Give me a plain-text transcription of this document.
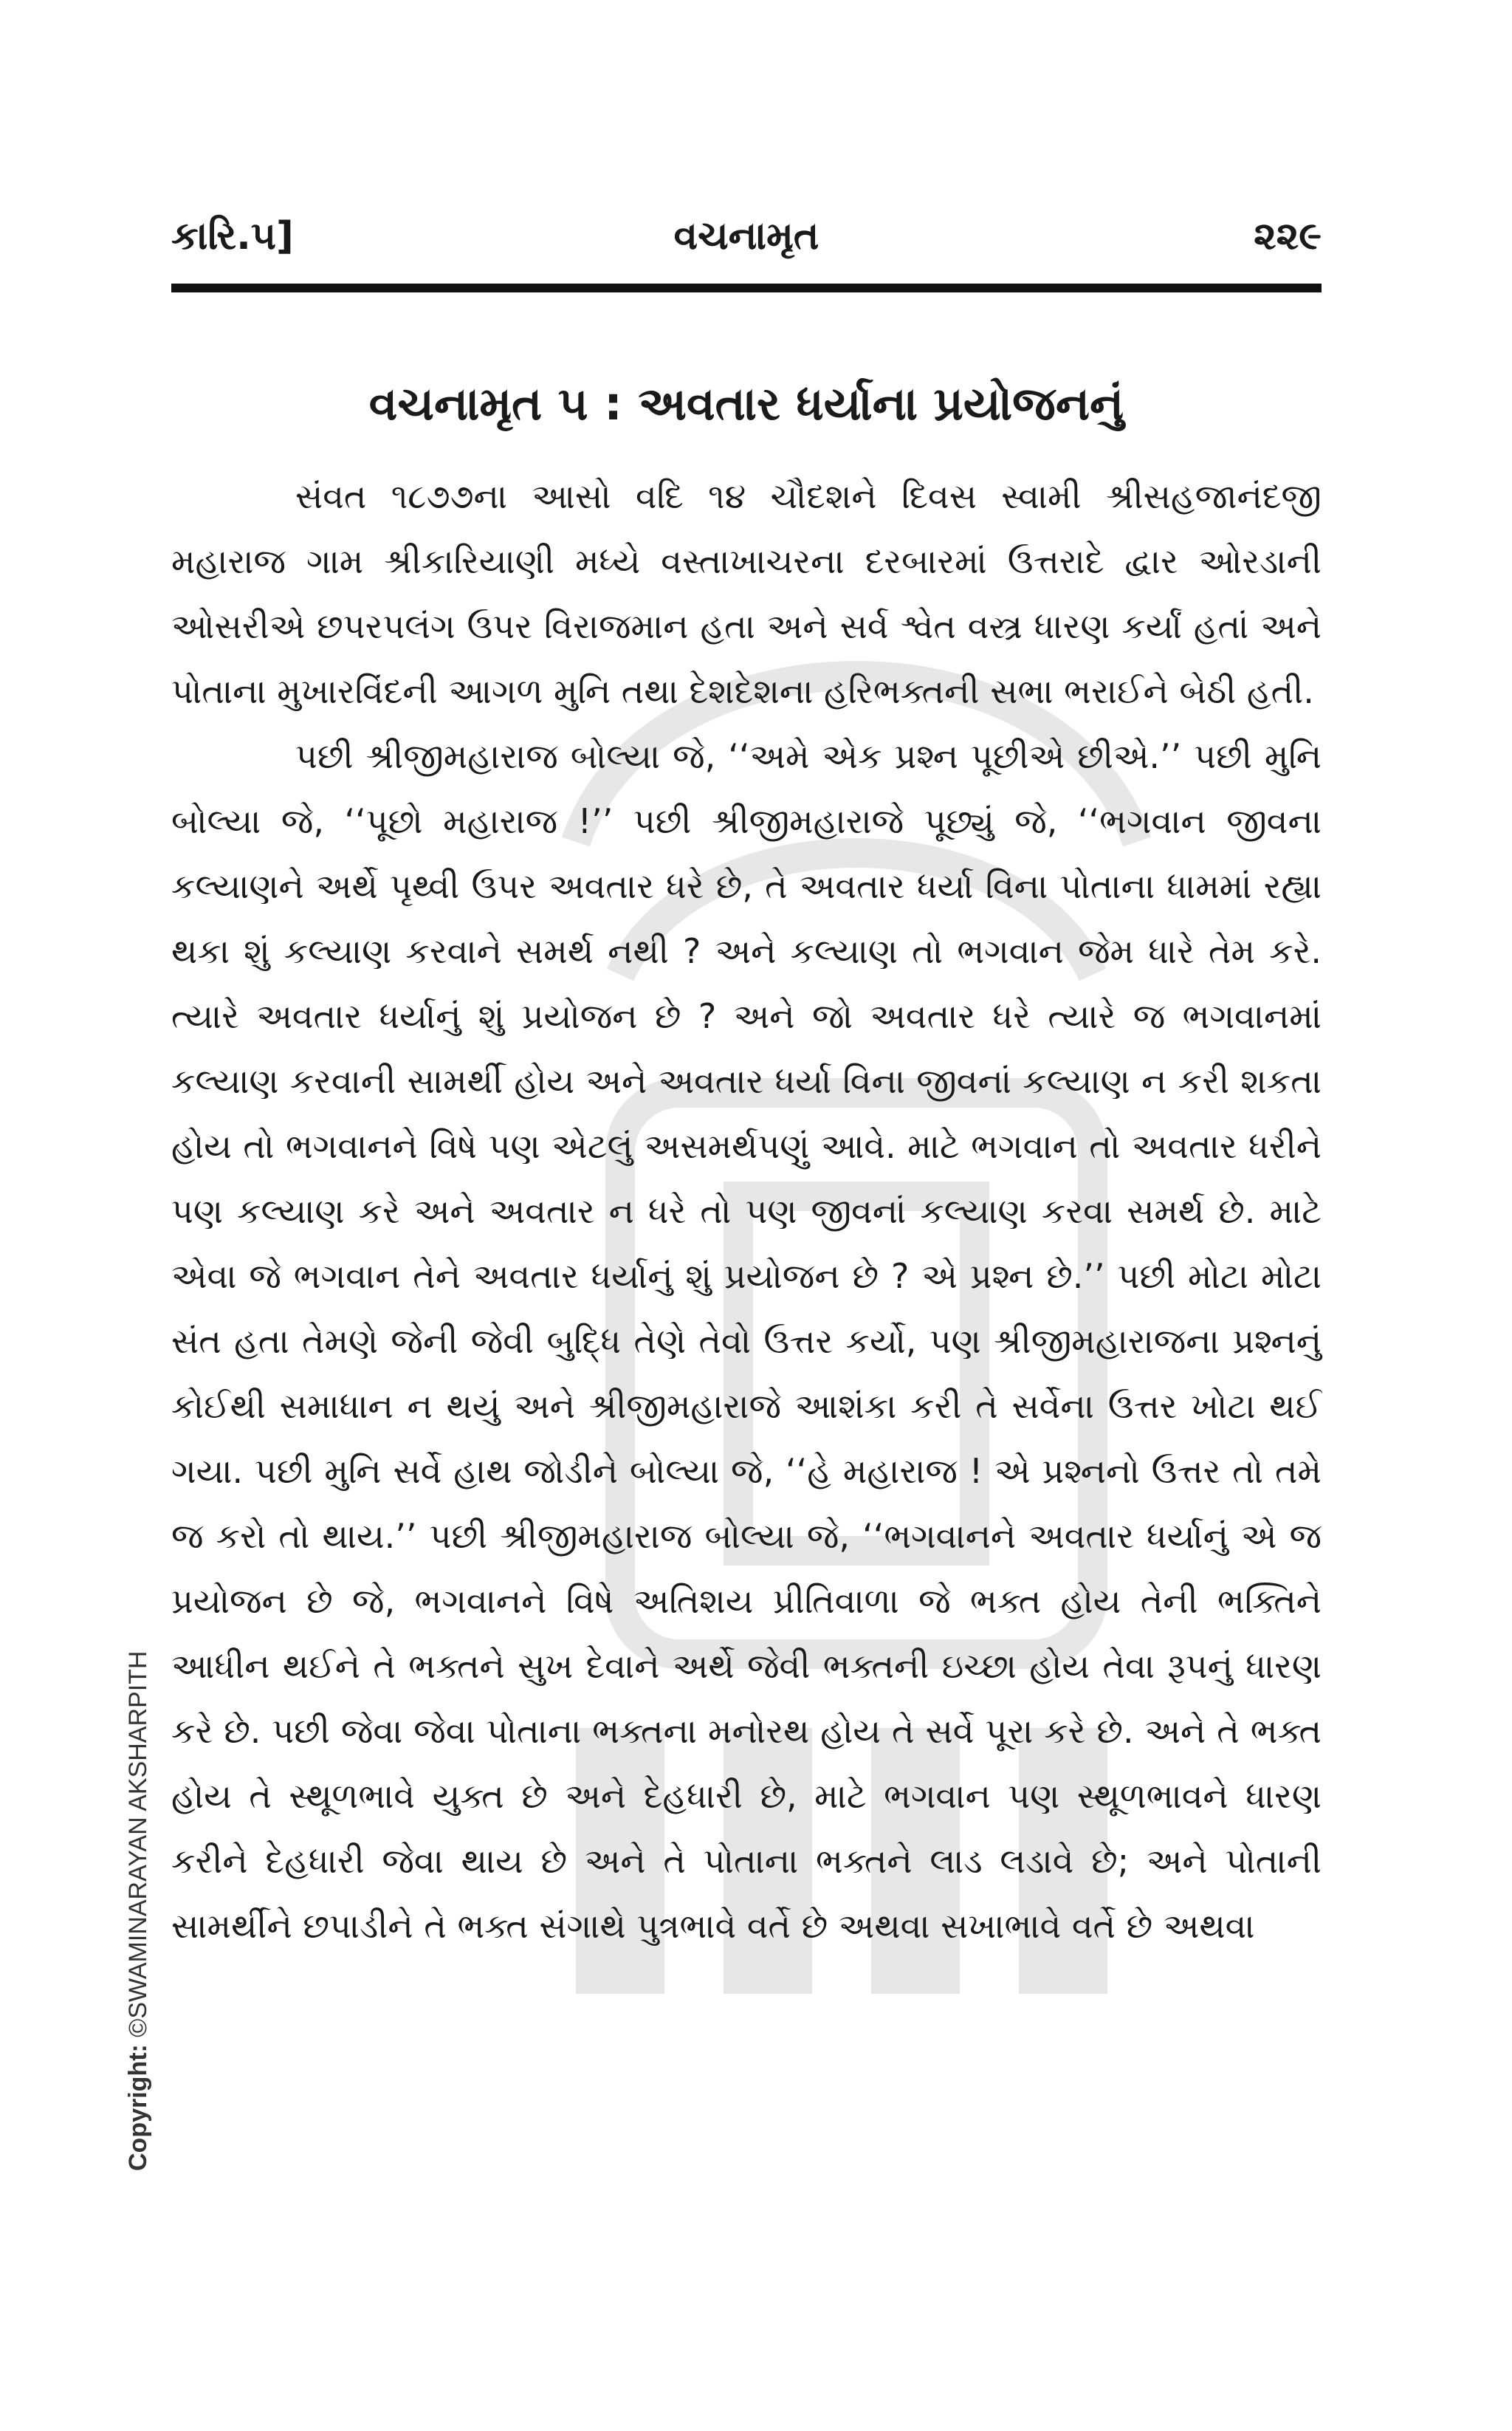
કારિ.૫]	વચનામૃત	૨૨૯
વચનામૃત ૫ : અવતાર ધર્યાના પ્રયોજનનું

સંવત ૧૮૭૭ના આસો વદિ ૧૪ ચૌદશને દિવસ સ્વામી શ્રીસહજાનંદજી મહારાજ ગામ શ્રીકારિયાણી મધ્યે વસ્તાખાચરના દરબારમાં ઉત્તરાદે દ્વાર ઓરડાની ઓસરીએ છપરપલંગ ઉપર વિરાજમાન હતા અને સર્વ શ્વેત વસ્ત્ર ધારણ કર્યાં હતાં અને પોતાના મુખારવિંદની આગળ મુનિ તથા દેશદેશના હરિભક્તની સભા ભરાઈને બેઠી હતી.

પછી શ્રીજીમહારાજ બોલ્યા જે, ‘‘અમે એક પ્રશ્ન પૂછીએ છીએ.’’ પછી મુનિ બોલ્યા જે, ‘‘પૂછો મહારાજ !’’ પછી શ્રીજીમહારાજે પૂછ્યું જે, ‘‘ભગવાન જીવના કલ્યાણને અર્થે પૃથ્વી ઉપર અવતાર ધરે છે, તે અવતાર ધર્યા વિના પોતાના ધામમાં રહ્યા થકા શું કલ્યાણ કરવાને સમર્થ નથી ? અને કલ્યાણ તો ભગવાન જેમ ધારે તેમ કરે. ત્યારે અવતાર ધર્યાનું શું પ્રયોજન છે ? અને જો અવતાર ધરે ત્યારે જ ભગવાનમાં કલ્યાણ કરવાની સામર્થી હોય અને અવતાર ધર્યા વિના જીવનાં કલ્યાણ ન કરી શકતા હોય તો ભગવાનને વિષે પણ એટલું અસમર્થપણું આવે. માટે ભગવાન તો અવતાર ધરીને પણ કલ્યાણ કરે અને અવતાર ન ધરે તો પણ જીવનાં કલ્યાણ કરવા સમર્થ છે. માટે એવા જે ભગવાન તેને અવતાર ધર્યાનું શું પ્રયોજન છે ? એ પ્રશ્ન છે.’’ પછી મોટા મોટા સંત હતા તેમણે જેની જેવી બુદ્ધિ તેણે તેવો ઉત્તર કર્યો, પણ શ્રીજીમહારાજના પ્રશ્નનું કોઈથી સમાધાન ન થયું અને શ્રીજીમહારાજે આશંકા કરી તે સર્વેના ઉત્તર ખોટા થઈ ગયા. પછી મુનિ સર્વે હાથ જોડીને બોલ્યા જે, ‘‘હે મહારાજ ! એ પ્રશ્નનો ઉત્તર તો તમે જ કરો તો થાય.’’ પછી શ્રીજીમહારાજ બોલ્યા જે, ‘‘ભગવાનને અવતાર ધર્યાનું એ જ પ્રયોજન છે જે, ભગવાનને વિષે અતિશય પ્રીતિવાળા જે ભક્ત હોય તેની ભક્તિને આધીન થઈને તે ભક્તને સુખ દેવાને અર્થે જેવી ભક્તની ઇચ્છા હોય તેવા રૂપનું ધારણ કરે છે. પછી જેવા જેવા પોતાના ભક્તના મનોરથ હોય તે સર્વે પૂરા કરે છે. અને તે ભક્ત હોય તે સ્થૂળભાવે યુક્ત છે અને દેહધારી છે, માટે ભગવાન પણ સ્થૂળભાવને ધારણ કરીને દેહધારી જેવા થાય છે અને તે પોતાના ભક્તને લાડ લડાવે છે; અને પોતાની સામર્થીને છપાડીને તે ભક્ત સંગાથે પુત્રભાવે વર્તે છે અથવા સખાભાવે વર્તે છે અથવા

Copyright: ©SWAMINARAYAN AKSHARPITH
